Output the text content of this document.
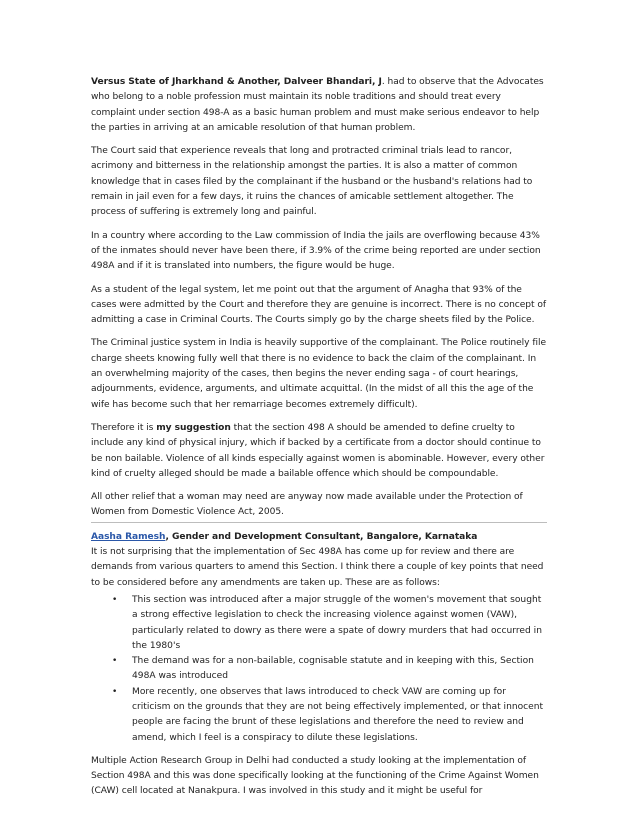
Versus State of Jharkhand & Another, Dalveer Bhandari, J. had to observe that the Advocates who belong to a noble profession must maintain its noble traditions and should treat every complaint under section 498-A as a basic human problem and must make serious endeavor to help the parties in arriving at an amicable resolution of that human problem.

The Court said that experience reveals that long and protracted criminal trials lead to rancor, acrimony and bitterness in the relationship amongst the parties. It is also a matter of common knowledge that in cases filed by the complainant if the husband or the husband's relations had to remain in jail even for a few days, it ruins the chances of amicable settlement altogether. The process of suffering is extremely long and painful.

In a country where according to the Law commission of India the jails are overflowing because 43% of the inmates should never have been there, if 3.9% of the crime being reported are under section 498A and if it is translated into numbers, the figure would be huge.

As a student of the legal system, let me point out that the argument of Anagha that 93% of the cases were admitted by the Court and therefore they are genuine is incorrect. There is no concept of admitting a case in Criminal Courts. The Courts simply go by the charge sheets filed by the Police.

The Criminal justice system in India is heavily supportive of the complainant. The Police routinely file charge sheets knowing fully well that there is no evidence to back the claim of the complainant. In an overwhelming majority of the cases, then begins the never ending saga - of court hearings, adjournments, evidence, arguments, and ultimate acquittal. (In the midst of all this the age of the wife has become such that her remarriage becomes extremely difficult).

Therefore it is my suggestion that the section 498 A should be amended to define cruelty to include any kind of physical injury, which if backed by a certificate from a doctor should continue to be non bailable. Violence of all kinds especially against women is abominable. However, every other kind of cruelty alleged should be made a bailable offence which should be compoundable.

All other relief that a woman may need are anyway now made available under the Protection of Women from Domestic Violence Act, 2005.

Aasha Ramesh, Gender and Development Consultant, Bangalore, Karnataka

It is not surprising that the implementation of Sec 498A has come up for review and there are demands from various quarters to amend this Section. I think there a couple of key points that need to be considered before any amendments are taken up. These are as follows:

• This section was introduced after a major struggle of the women's movement that sought a strong effective legislation to check the increasing violence against women (VAW), particularly related to dowry as there were a spate of dowry murders that had occurred in the 1980's
• The demand was for a non-bailable, cognisable statute and in keeping with this, Section 498A was introduced
• More recently, one observes that laws introduced to check VAW are coming up for criticism on the grounds that they are not being effectively implemented, or that innocent people are facing the brunt of these legislations and therefore the need to review and amend, which I feel is a conspiracy to dilute these legislations.

Multiple Action Research Group in Delhi had conducted a study looking at the implementation of Section 498A and this was done specifically looking at the functioning of the Crime Against Women (CAW) cell located at Nanakpura. I was involved in this study and it might be useful for
